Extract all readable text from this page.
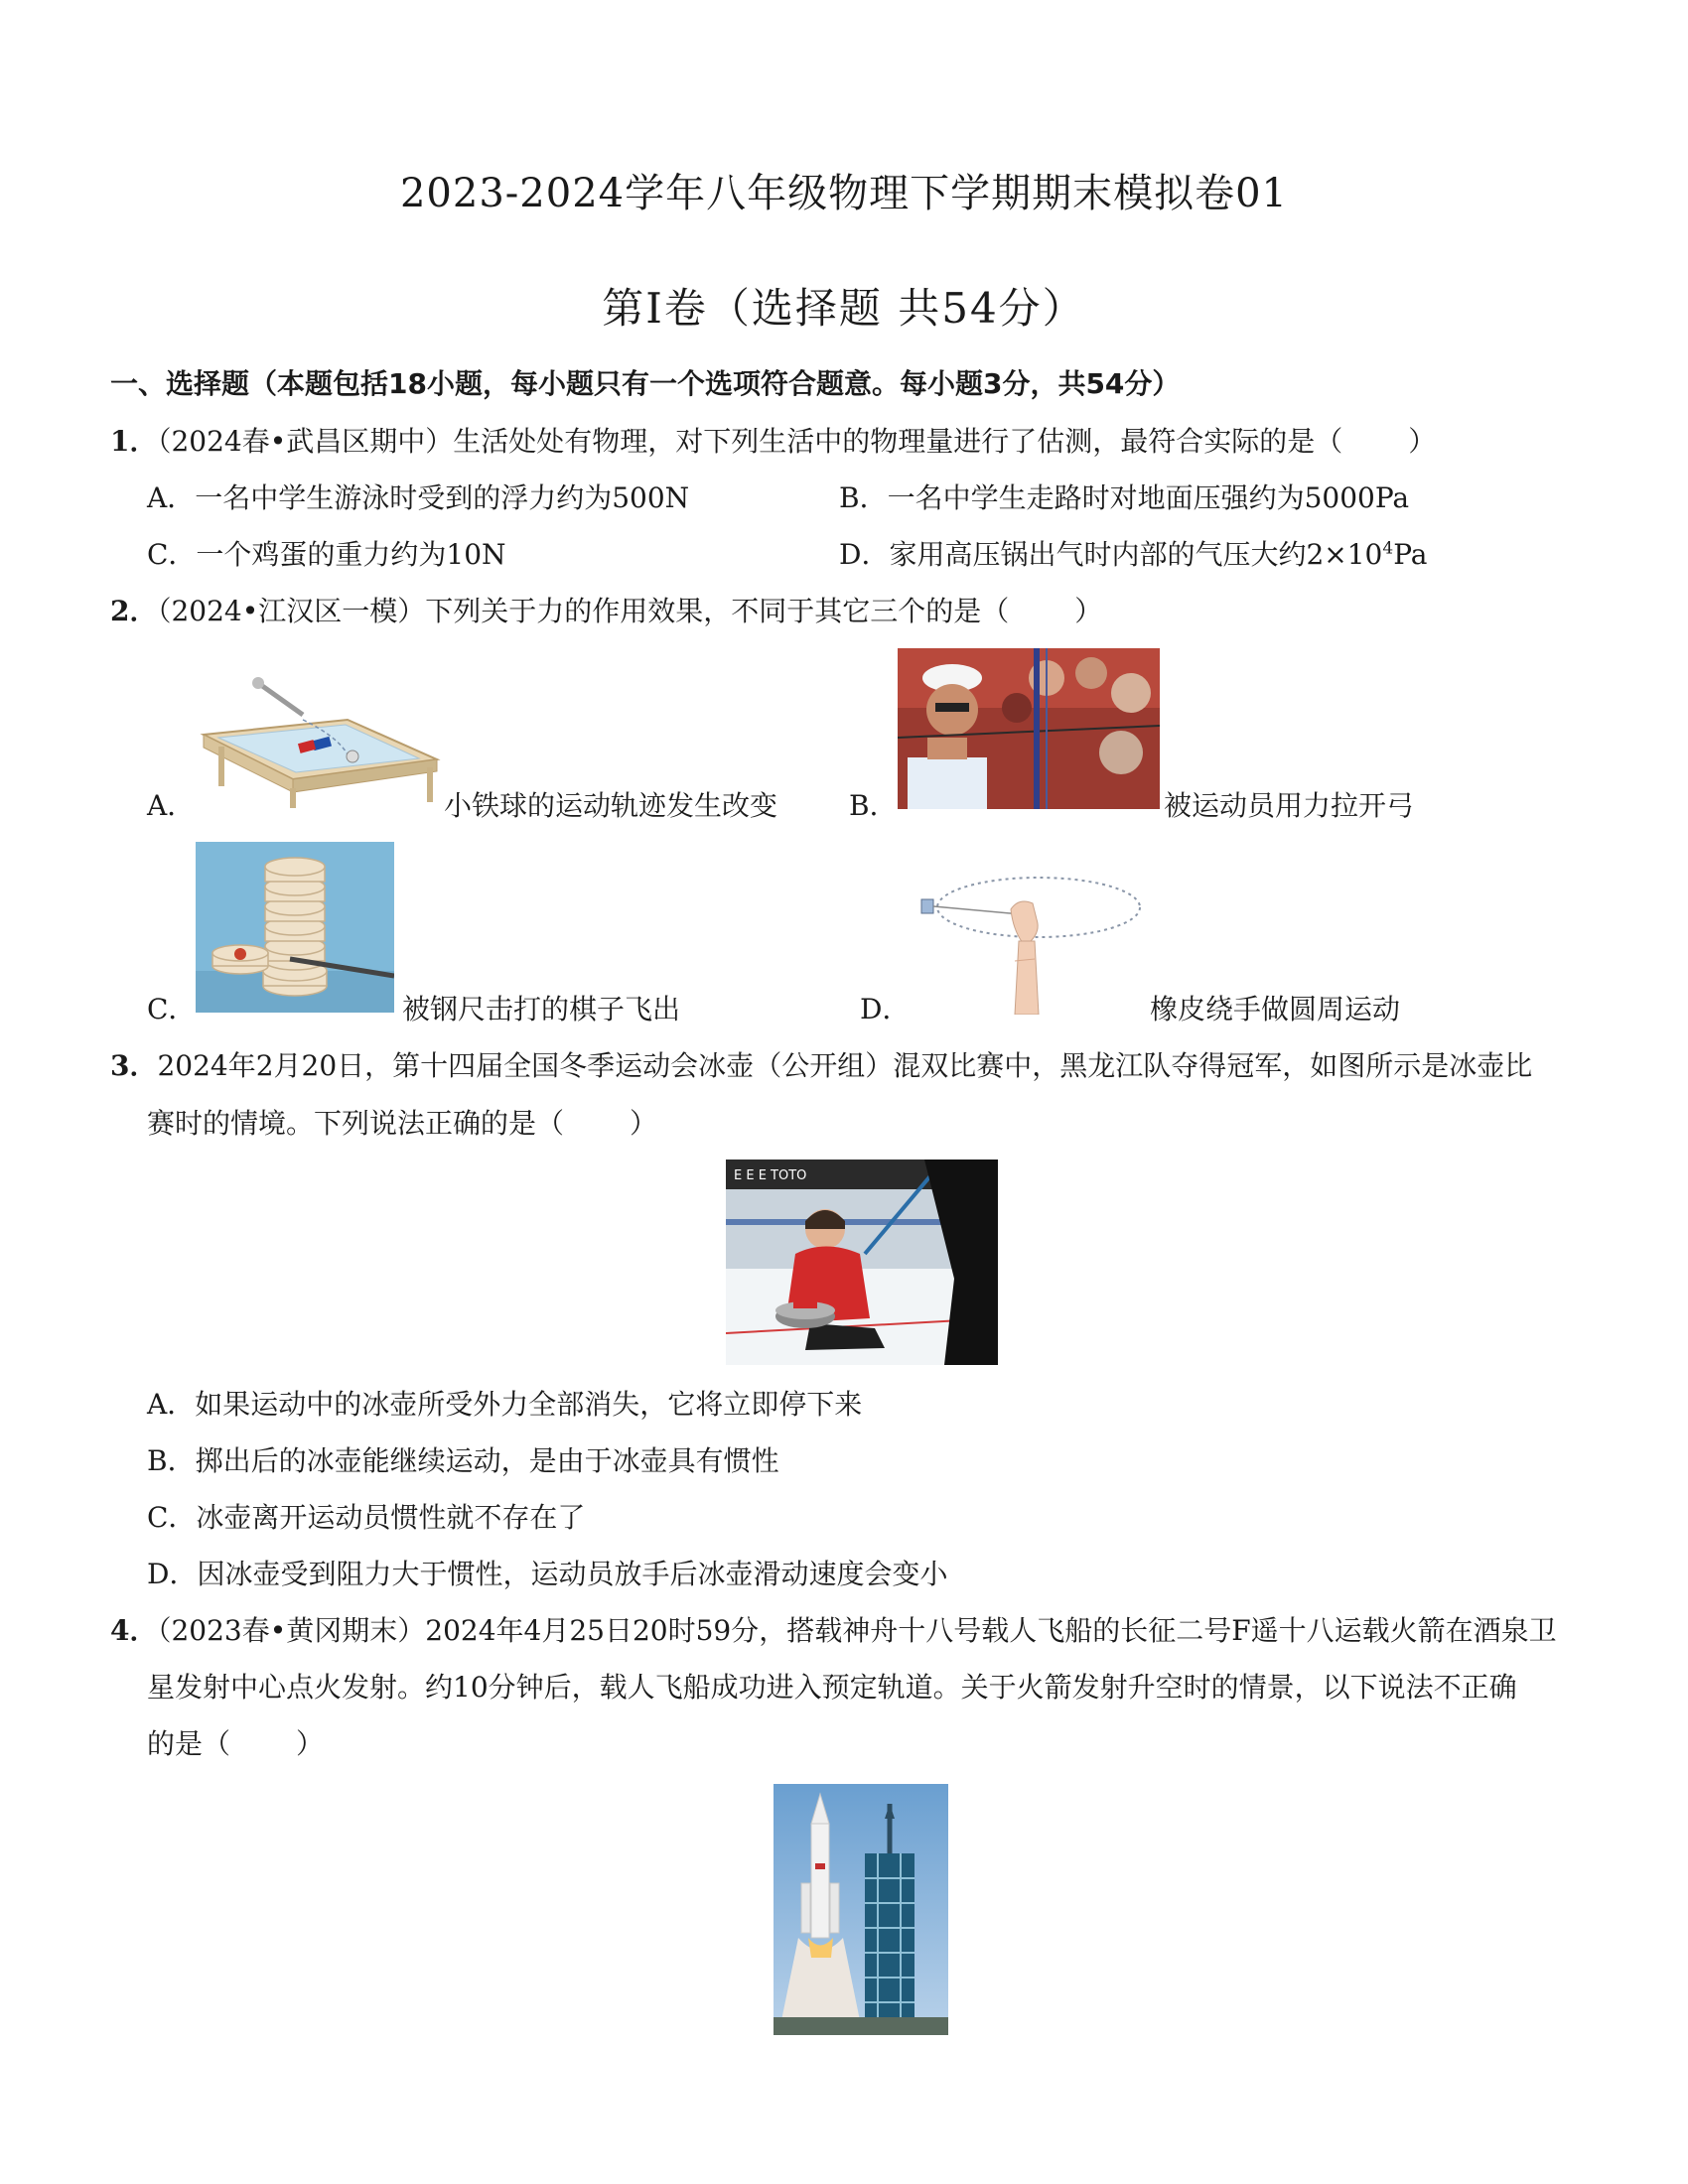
2023-2024学年八年级物理下学期期末模拟卷01
第I卷（选择题 共54分）
一、选择题（本题包括18小题，每小题只有一个选项符合题意。每小题3分，共54分）
1．（2024春•武昌区期中）生活处处有物理，对下列生活中的物理量进行了估测，最符合实际的是（ ）
A．一名中学生游泳时受到的浮力约为500N	B．一名中学生走路时对地面压强约为5000Pa
C．一个鸡蛋的重力约为10N	D．家用高压锅出气时内部的气压大约$2\times 10^4Pa$
2．（2024•江汉区一模）下列关于力的作用效果，不同于其它三个的是（ ）
A．	小铁球的运动轨迹发生改变	B．	被运动员用力拉开弓
C．	被钢尺击打的棋子飞出	D．	橡皮绕手做圆周运动
3．2024年2月20日，第十四届全国冬季运动会冰壶（公开组）混双比赛中，黑龙江队夺得冠军，如图所示是冰壶比
赛时的情境。下列说法正确的是（ ）
E E E TOTO
A．如果运动中的冰壶所受外力全部消失，它将立即停下来
B．掷出后的冰壶能继续运动，是由于冰壶具有惯性
C．冰壶离开运动员惯性就不存在了
D．因冰壶受到阻力大于惯性，运动员放手后冰壶滑动速度会变小
4．（2023春•黄冈期末）2024年4月25日20时59分，搭载神舟十八号载人飞船的长征二号F遥十八运载火箭在酒泉卫
星发射中心点火发射。约10分钟后，载人飞船成功进入预定轨道。关于火箭发射升空时的情景，以下说法不正确
的是（ ）
